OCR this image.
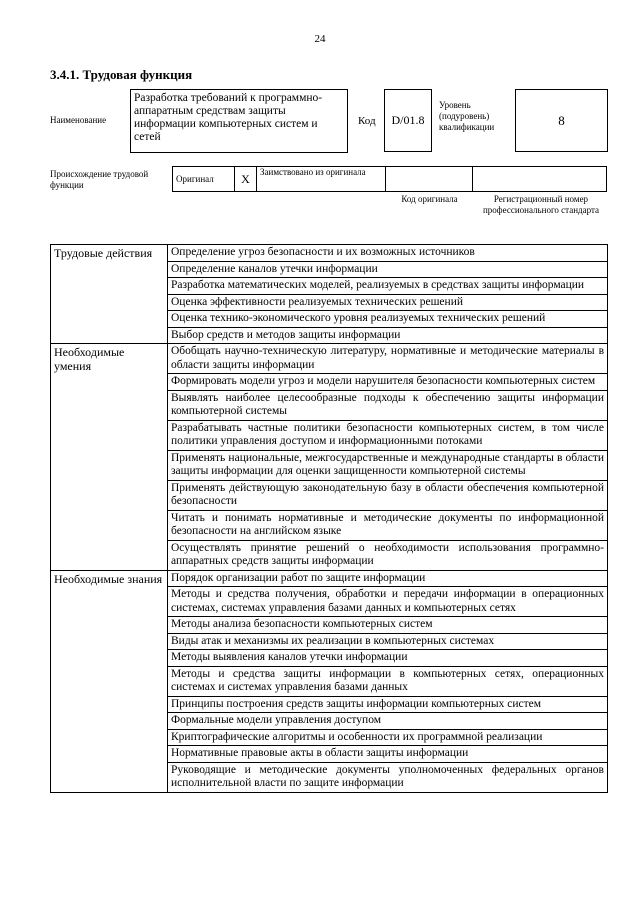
24
3.4.1. Трудовая функция
Наименование
Разработка требований к программно-аппаратным средствам защиты информации компьютерных систем и сетей
Код D/01.8
Уровень (подуровень) квалификации	8
Происхождение трудовой функции
Оригинал	X	Заимствовано из оригинала		
Код оригинала	Регистрационный номер профессионального стандарта
Трудовые действия	Определение угроз безопасности и их возможных источников
	Определение каналов утечки информации
	Разработка математических моделей, реализуемых в средствах защиты информации
	Оценка эффективности реализуемых технических решений
	Оценка технико-экономического уровня реализуемых технических решений
	Выбор средств и методов защиты информации
Необходимые умения	Обобщать научно-техническую литературу, нормативные и методические материалы в области защиты информации
	Формировать модели угроз и модели нарушителя безопасности компьютерных систем
	Выявлять наиболее целесообразные подходы к обеспечению защиты информации компьютерной системы
	Разрабатывать частные политики безопасности компьютерных систем, в том числе политики управления доступом и информационными потоками
	Применять национальные, межгосударственные и международные стандарты в области защиты информации для оценки защищенности компьютерной системы
	Применять действующую законодательную базу в области обеспечения компьютерной безопасности
	Читать и понимать нормативные и методические документы по информационной безопасности на английском языке
	Осуществлять принятие решений о необходимости использования программно-аппаратных средств защиты информации
Необходимые знания	Порядок организации работ по защите информации
	Методы и средства получения, обработки и передачи информации в операционных системах, системах управления базами данных и компьютерных сетях
	Методы анализа безопасности компьютерных систем
	Виды атак и механизмы их реализации в компьютерных системах
	Методы выявления каналов утечки информации
	Методы и средства защиты информации в компьютерных сетях, операционных системах и системах управления базами данных
	Принципы построения средств защиты информации компьютерных систем
	Формальные модели управления доступом
	Криптографические алгоритмы и особенности их программной реализации
	Нормативные правовые акты в области защиты информации
	Руководящие и методические документы уполномоченных федеральных органов исполнительной власти по защите информации
